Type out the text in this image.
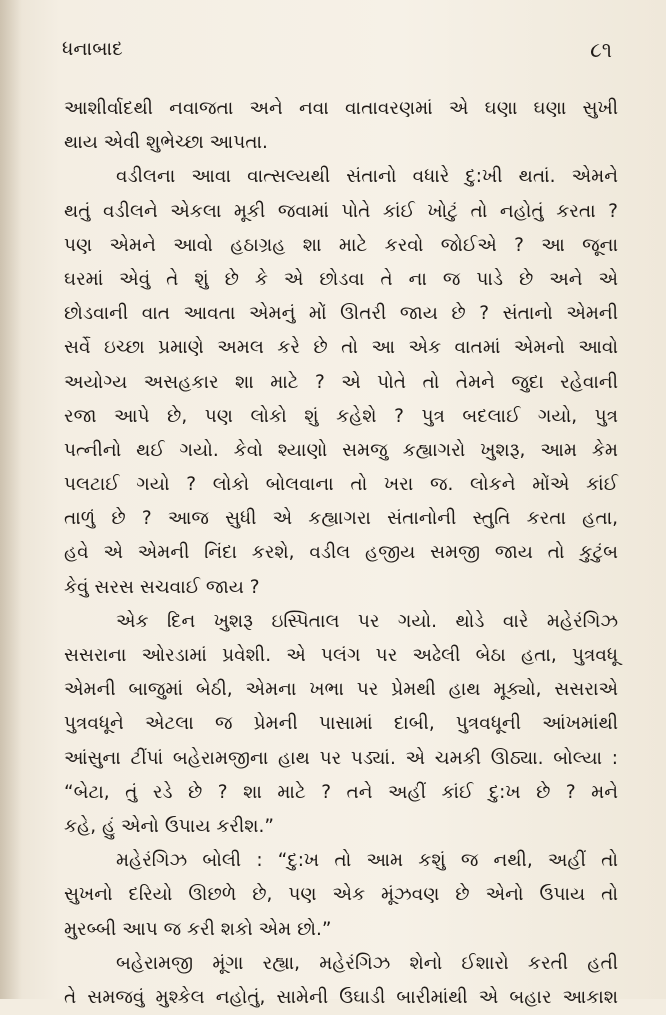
ધનાબાદ	૮૧
આશીર્વાદથી નવાજતા અને નવા વાતાવરણમાં એ ઘણા ઘણા સુખી
થાય એવી શુભેચ્છા આપતા.
વડીલના આવા વાત્સલ્યથી સંતાનો વધારે દુ:ખી થતાં. એમને
થતું વડીલને એકલા મૂકી જવામાં પોતે કાંઈ ખોટું તો નહોતું કરતા ?
પણ એમને આવો હઠાગ્રહ શા માટે કરવો જોઈએ ? આ જૂના
ઘરમાં એવું તે શું છે કે એ છોડવા તે ના જ પાડે છે અને એ
છોડવાની વાત આવતા એમનું મોં ઊતરી જાય છે ? સંતાનો એમની
સર્વે ઇચ્છા પ્રમાણે અમલ કરે છે તો આ એક વાતમાં એમનો આવો
અયોગ્ય અસહકાર શા માટે ? એ પોતે તો તેમને જુદા રહેવાની
રજા આપે છે, પણ લોકો શું કહેશે ? પુત્ર બદલાઈ ગયો, પુત્ર
પત્નીનો થઈ ગયો. કેવો શ્યાણો સમજુ કહ્યાગરો ખુશરૂ, આમ કેમ
પલટાઈ ગયો ? લોકો બોલવાના તો ખરા જ. લોકને મોંએ કાંઈ
તાળું છે ? આજ સુધી એ કહ્યાગરા સંતાનોની સ્તુતિ કરતા હતા,
હવે એ એમની નિંદા કરશે, વડીલ હજીય સમજી જાય તો કુટુંબ
કેવું સરસ સચવાઈ જાય ?
એક દિન ખુશરૂ ઇસ્પિતાલ પર ગયો. થોડે વારે મહેરંગિઝ
સસરાના ઓરડામાં પ્રવેશી. એ પલંગ પર અઢેલી બેઠા હતા, પુત્રવધૂ
એમની બાજુમાં બેઠી, એમના ખભા પર પ્રેમથી હાથ મૂક્યો, સસરાએ
પુત્રવધૂને એટલા જ પ્રેમની પાસામાં દાબી, પુત્રવધૂની આંખમાંથી
આંસુના ટીંપાં બહેરામજીના હાથ પર પડ્યાં. એ ચમકી ઊઠ્યા. બોલ્યા :
“બેટા, તું રડે છે ? શા માટે ? તને અહીં કાંઈ દુ:ખ છે ? મને
કહે, હું એનો ઉપાય કરીશ.”
મહેરંગિઝ બોલી : “દુ:ખ તો આમ કશું જ નથી, અહીં તો
સુખનો દરિયો ઊછળે છે, પણ એક મૂંઝવણ છે એનો ઉપાય તો
મુરબ્બી આપ જ કરી શકો એમ છો.”
બહેરામજી મૂંગા રહ્યા, મહેરંગિઝ શેનો ઈશારો કરતી હતી
તે સમજવું મુશ્કેલ નહોતું, સામેની ઉઘાડી બારીમાંથી એ બહાર આકાશ
